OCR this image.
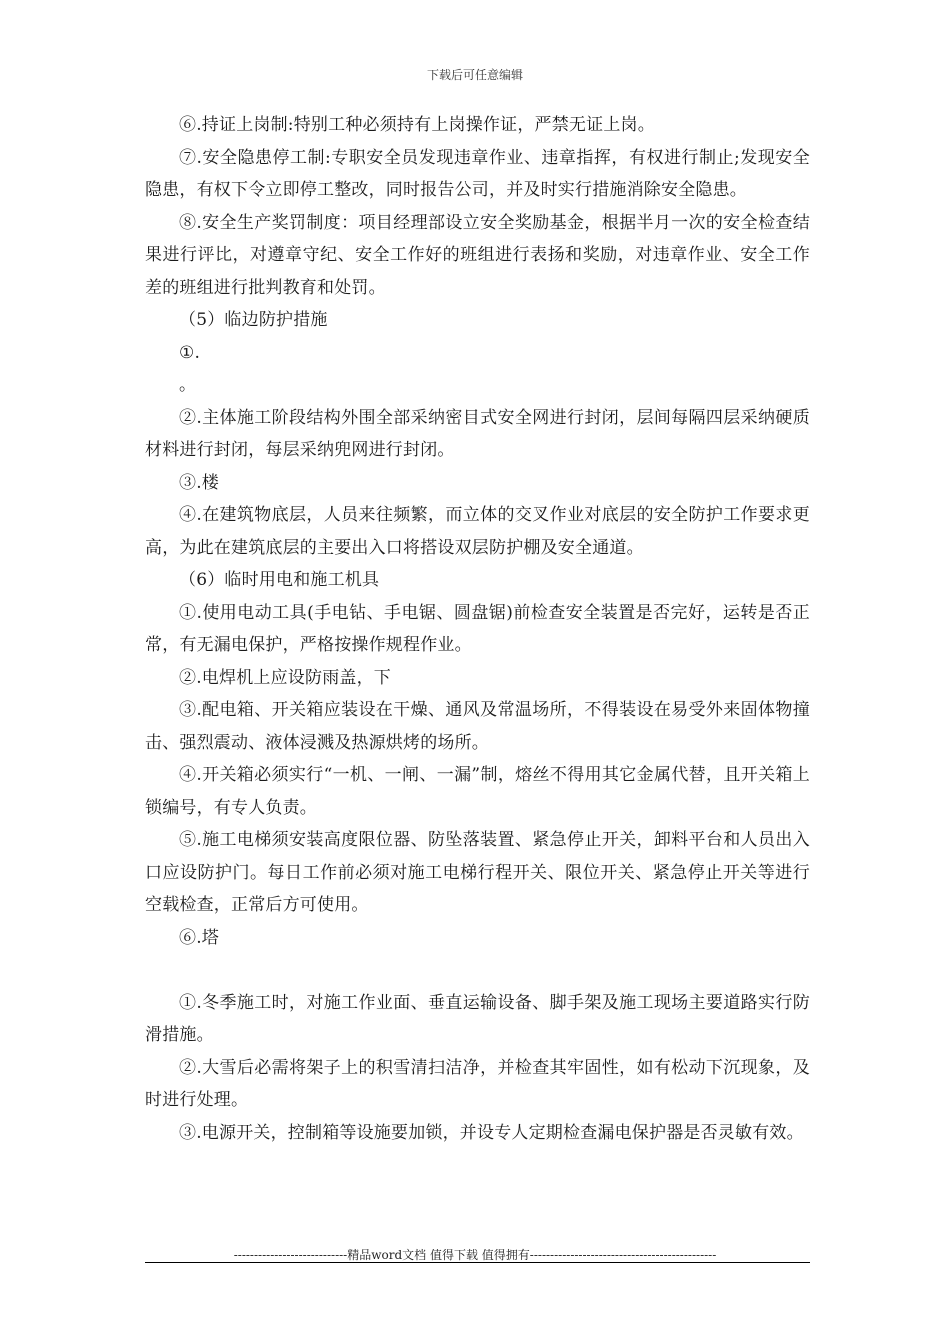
下载后可任意编辑

⑥.持证上岗制:特别工种必须持有上岗操作证，严禁无证上岗。

⑦.安全隐患停工制:专职安全员发现违章作业、违章指挥，有权进行制止;发现安全隐患，有权下令立即停工整改，同时报告公司，并及时实行措施消除安全隐患。

⑧.安全生产奖罚制度：项目经理部设立安全奖励基金，根据半月一次的安全检查结果进行评比，对遵章守纪、安全工作好的班组进行表扬和奖励，对违章作业、安全工作差的班组进行批判教育和处罚。

（5）临边防护措施

①.

。

②.主体施工阶段结构外围全部采纳密目式安全网进行封闭，层间每隔四层采纳硬质材料进行封闭，每层采纳兜网进行封闭。

③.楼

④.在建筑物底层，人员来往频繁，而立体的交叉作业对底层的安全防护工作要求更高，为此在建筑底层的主要出入口将搭设双层防护棚及安全通道。

（6）临时用电和施工机具

①.使用电动工具(手电钻、手电锯、圆盘锯)前检查安全装置是否完好，运转是否正常，有无漏电保护，严格按操作规程作业。

②.电焊机上应设防雨盖，下

③.配电箱、开关箱应装设在干燥、通风及常温场所，不得装设在易受外来固体物撞击、强烈震动、液体浸溅及热源烘烤的场所。

④.开关箱必须实行“一机、一闸、一漏”制，熔丝不得用其它金属代替，且开关箱上锁编号，有专人负责。

⑤.施工电梯须安装高度限位器、防坠落装置、紧急停止开关，卸料平台和人员出入口应设防护门。每日工作前必须对施工电梯行程开关、限位开关、紧急停止开关等进行空载检查，正常后方可使用。

⑥.塔

①.冬季施工时，对施工作业面、垂直运输设备、脚手架及施工现场主要道路实行防滑措施。

②.大雪后必需将架子上的积雪清扫洁净，并检查其牢固性，如有松动下沉现象，及时进行处理。

③.电源开关，控制箱等设施要加锁，并设专人定期检查漏电保护器是否灵敏有效。

----------------------------精品word文档 值得下载 值得拥有----------------------------------------------
